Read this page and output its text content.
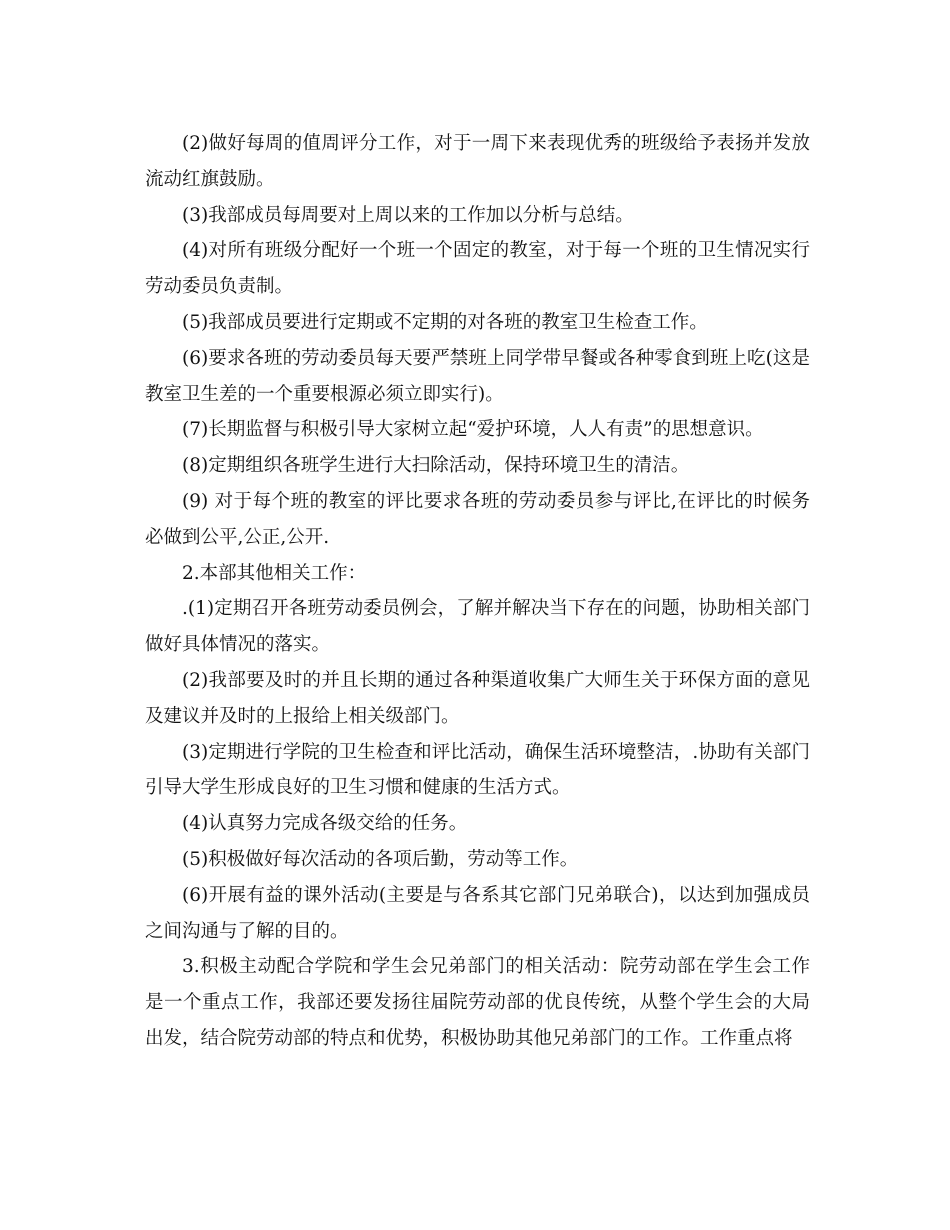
(2)做好每周的值周评分工作，对于一周下来表现优秀的班级给予表扬并发放流动红旗鼓励。

(3)我部成员每周要对上周以来的工作加以分析与总结。

(4)对所有班级分配好一个班一个固定的教室，对于每一个班的卫生情况实行劳动委员负责制。

(5)我部成员要进行定期或不定期的对各班的教室卫生检查工作。

(6)要求各班的劳动委员每天要严禁班上同学带早餐或各种零食到班上吃(这是教室卫生差的一个重要根源必须立即实行)。

(7)长期监督与积极引导大家树立起“爱护环境，人人有责”的思想意识。

(8)定期组织各班学生进行大扫除活动，保持环境卫生的清洁。

(9) 对于每个班的教室的评比要求各班的劳动委员参与评比,在评比的时候务必做到公平,公正,公开.

2.本部其他相关工作：

.(1)定期召开各班劳动委员例会，了解并解决当下存在的问题，协助相关部门做好具体情况的落实。

(2)我部要及时的并且长期的通过各种渠道收集广大师生关于环保方面的意见及建议并及时的上报给上相关级部门。

(3)定期进行学院的卫生检查和评比活动，确保生活环境整洁，.协助有关部门引导大学生形成良好的卫生习惯和健康的生活方式。

(4)认真努力完成各级交给的任务。

(5)积极做好每次活动的各项后勤，劳动等工作。

(6)开展有益的课外活动(主要是与各系其它部门兄弟联合)，以达到加强成员之间沟通与了解的目的。

3.积极主动配合学院和学生会兄弟部门的相关活动：院劳动部在学生会工作是一个重点工作，我部还要发扬往届院劳动部的优良传统，从整个学生会的大局出发，结合院劳动部的特点和优势，积极协助其他兄弟部门的工作。工作重点将
